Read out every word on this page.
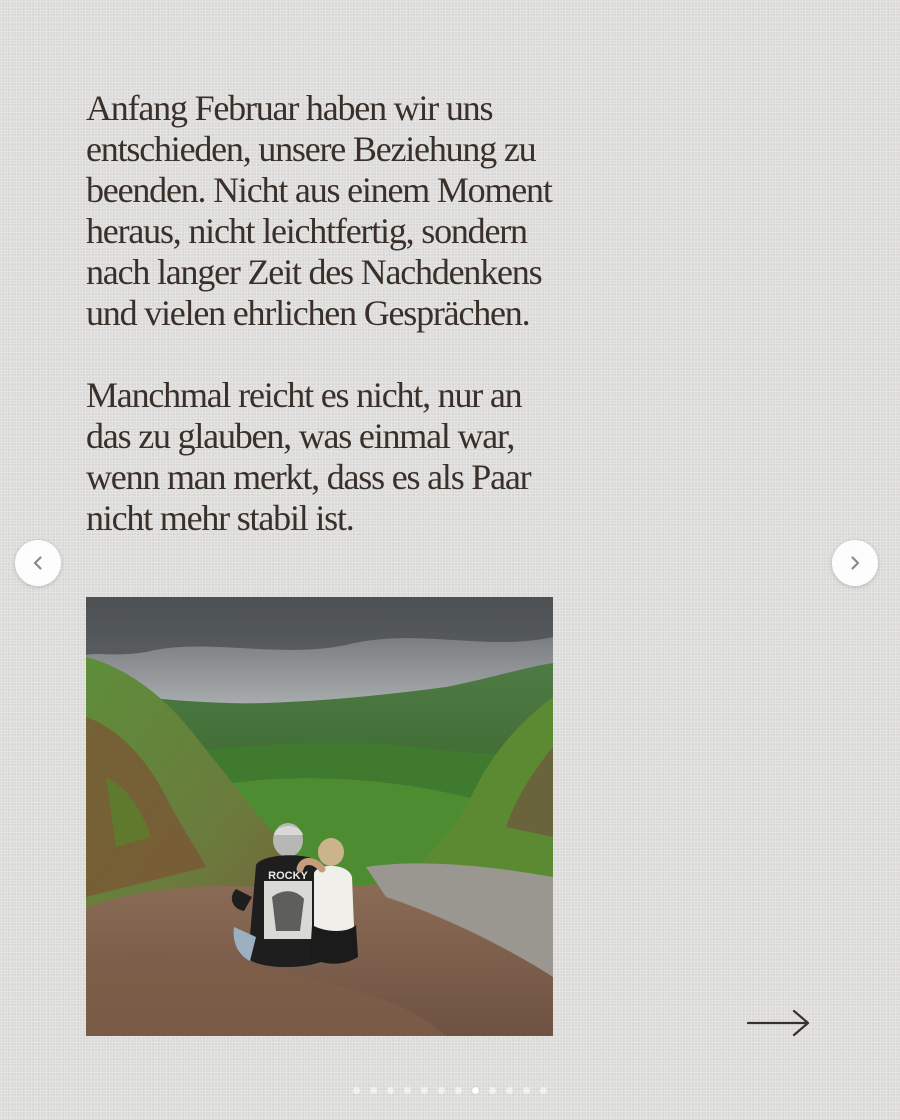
Anfang Februar haben wir uns
entschieden, unsere Beziehung zu
beenden. Nicht aus einem Moment
heraus, nicht leichtfertig, sondern
nach langer Zeit des Nachdenkens
und vielen ehrlichen Gesprächen.

Manchmal reicht es nicht, nur an
das zu glauben, was einmal war,
wenn man merkt, dass es als Paar
nicht mehr stabil ist.

ROCKY
